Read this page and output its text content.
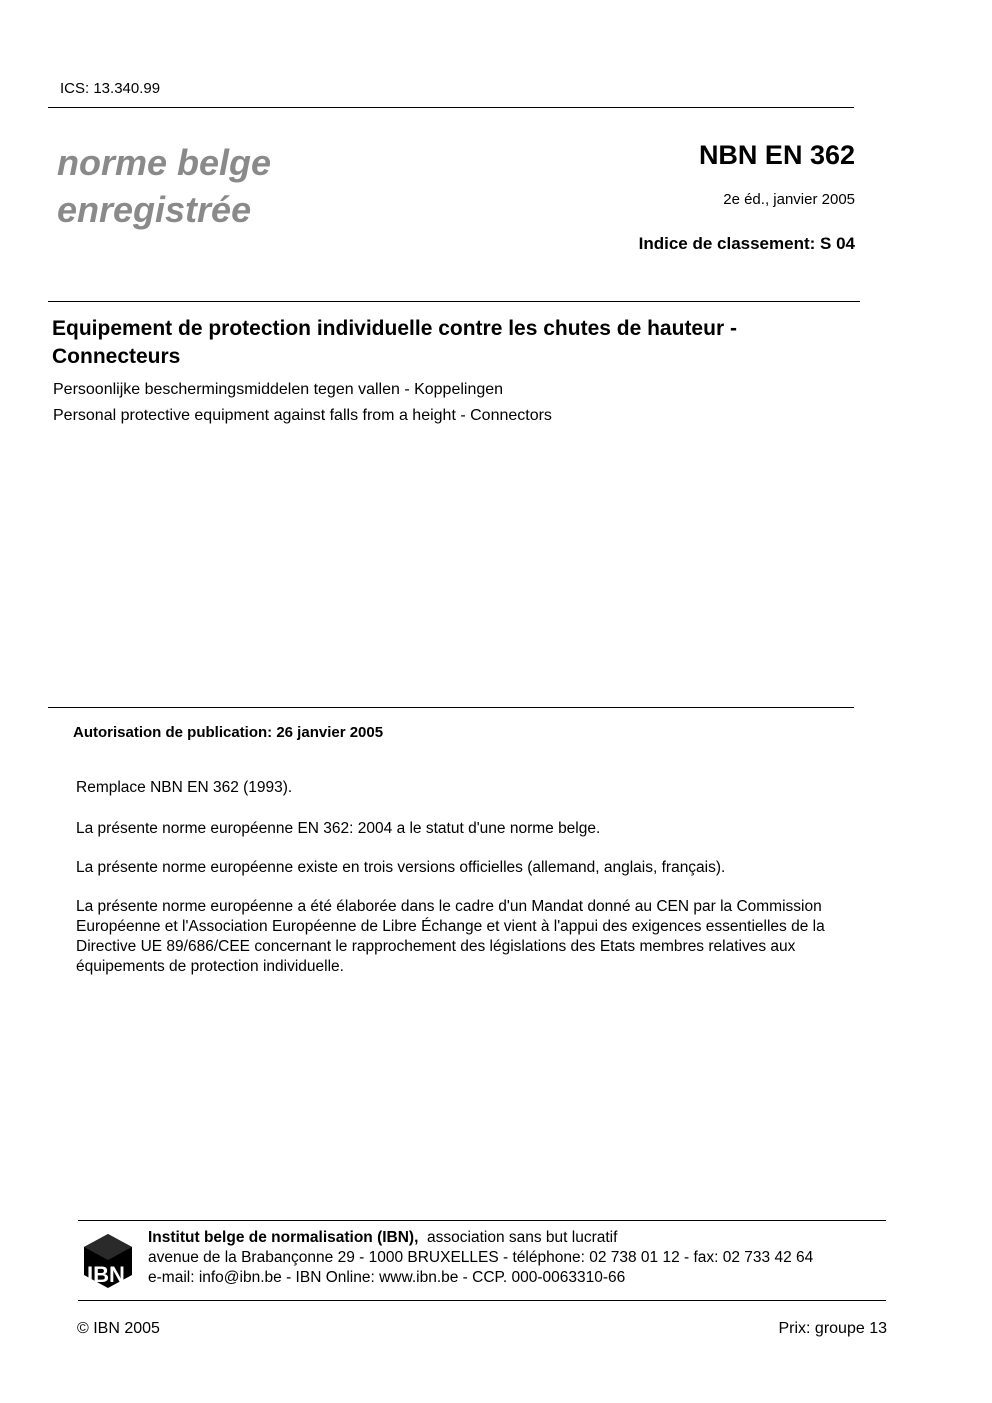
ICS: 13.340.99
norme belge
enregistrée
NBN EN 362
2e éd., janvier 2005
Indice de classement: S 04
Equipement de protection individuelle contre les chutes de hauteur -
Connecteurs
Persoonlijke beschermingsmiddelen tegen vallen - Koppelingen
Personal protective equipment against falls from a height - Connectors
Autorisation de publication: 26 janvier 2005
Remplace NBN EN 362 (1993).
La présente norme européenne EN 362: 2004 a le statut d'une norme belge.
La présente norme européenne existe en trois versions officielles (allemand, anglais, français).
La présente norme européenne a été élaborée dans le cadre d'un Mandat donné au CEN par la Commission Européenne et l'Association Européenne de Libre Échange et vient à l'appui des exigences essentielles de la Directive UE 89/686/CEE concernant le rapprochement des législations des Etats membres relatives aux équipements de protection individuelle.
IBN
Institut belge de normalisation (IBN), association sans but lucratif
avenue de la Brabançonne 29 - 1000 BRUXELLES - téléphone: 02 738 01 12 - fax: 02 733 42 64
e-mail: info@ibn.be - IBN Online: www.ibn.be - CCP. 000-0063310-66
© IBN 2005	Prix: groupe 13
